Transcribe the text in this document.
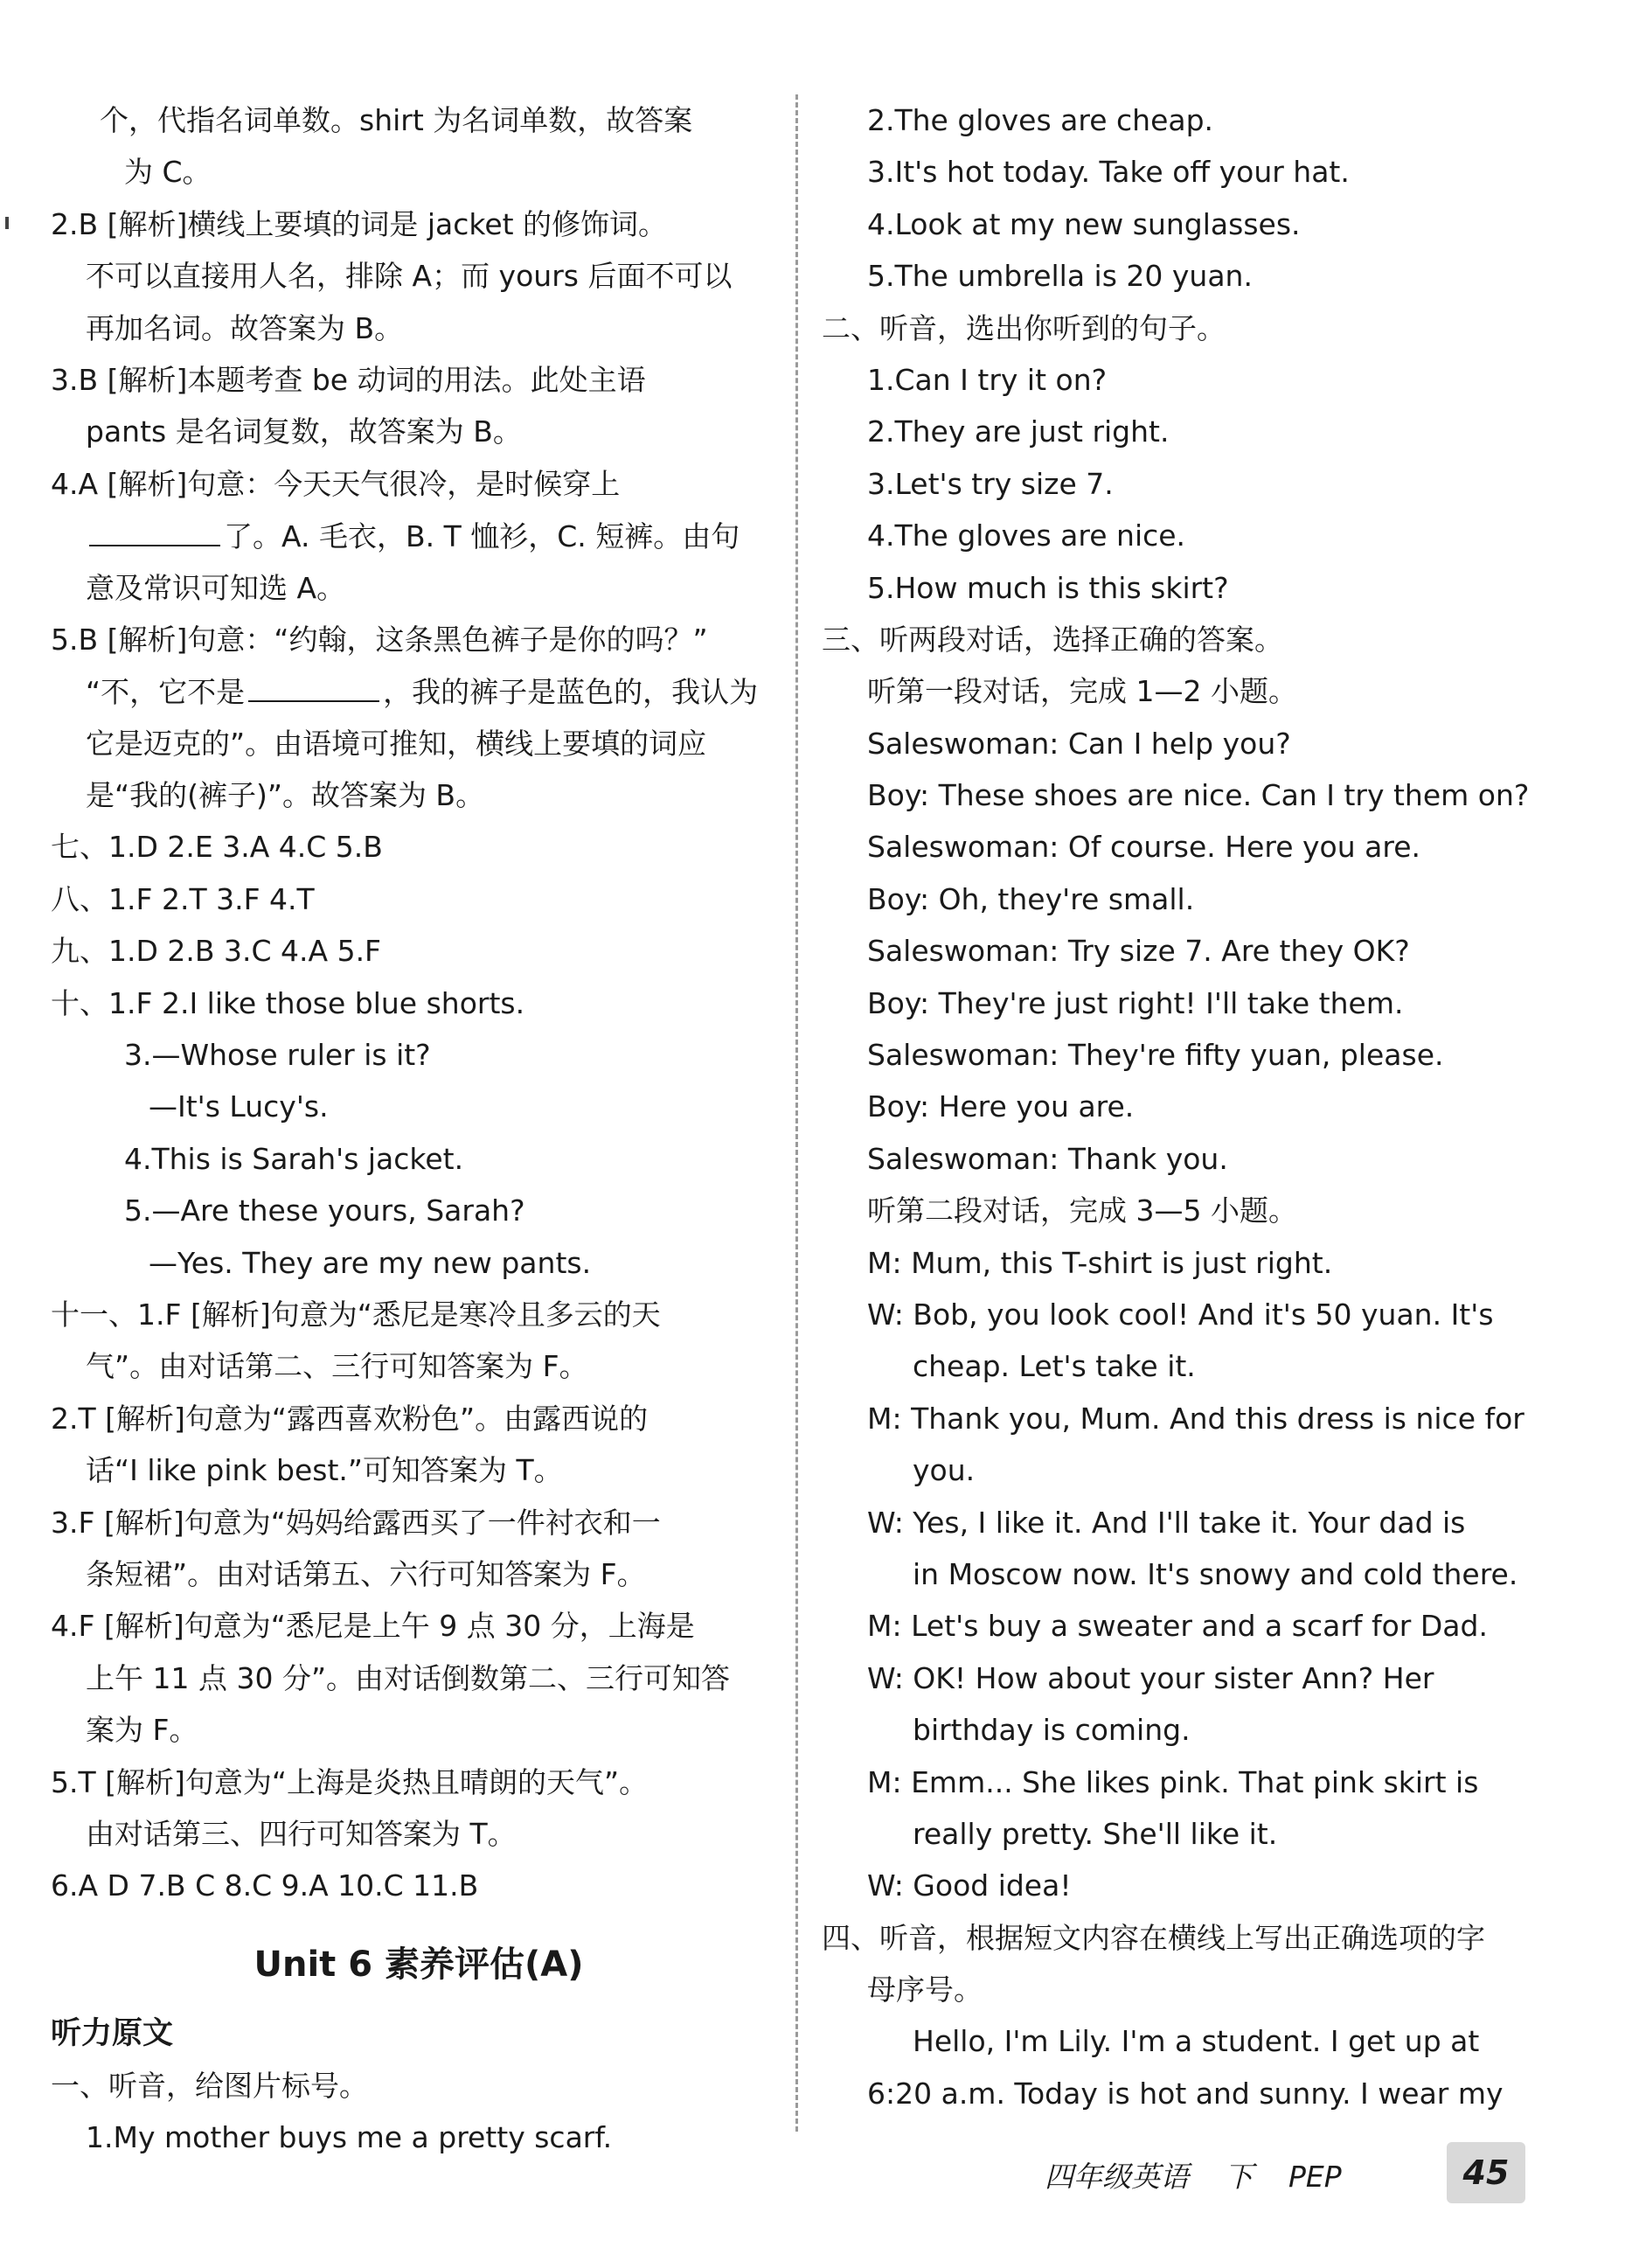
个，代指名词单数。shirt 为名词单数，故答案
为 C。
2.B [解析]横线上要填的词是 jacket 的修饰词。
不可以直接用人名，排除 A；而 yours 后面不可以
再加名词。故答案为 B。
3.B [解析]本题考查 be 动词的用法。此处主语
pants 是名词复数，故答案为 B。
4.A [解析]句意：今天天气很冷，是时候穿上
了。A. 毛衣，B. T 恤衫，C. 短裤。由句
意及常识可知选 A。
5.B [解析]句意：“约翰，这条黑色裤子是你的吗？”
“不，它不是	，我的裤子是蓝色的，我认为
它是迈克的”。由语境可推知，横线上要填的词应
是“我的(裤子)”。故答案为 B。
七、1.D 2.E 3.A 4.C 5.B
八、1.F 2.T 3.F 4.T
九、1.D 2.B 3.C 4.A 5.F
十、1.F 2.I like those blue shorts.
3.—Whose ruler is it?
—It's Lucy's.
4.This is Sarah's jacket.
5.—Are these yours, Sarah?
—Yes. They are my new pants.
十一、1.F [解析]句意为“悉尼是寒冷且多云的天
气”。由对话第二、三行可知答案为 F。
2.T [解析]句意为“露西喜欢粉色”。由露西说的
话“I like pink best.”可知答案为 T。
3.F [解析]句意为“妈妈给露西买了一件衬衣和一
条短裙”。由对话第五、六行可知答案为 F。
4.F [解析]句意为“悉尼是上午 9 点 30 分，上海是
上午 11 点 30 分”。由对话倒数第二、三行可知答
案为 F。
5.T [解析]句意为“上海是炎热且晴朗的天气”。
由对话第三、四行可知答案为 T。
6.A D 7.B C 8.C 9.A 10.C 11.B
Unit 6 素养评估(A)
听力原文
一、听音，给图片标号。
1.My mother buys me a pretty scarf.
2.The gloves are cheap.
3.It's hot today. Take off your hat.
4.Look at my new sunglasses.
5.The umbrella is 20 yuan.
二、听音，选出你听到的句子。
1.Can I try it on?
2.They are just right.
3.Let's try size 7.
4.The gloves are nice.
5.How much is this skirt?
三、听两段对话，选择正确的答案。
听第一段对话，完成 1—2 小题。
Saleswoman: Can I help you?
Boy: These shoes are nice. Can I try them on?
Saleswoman: Of course. Here you are.
Boy: Oh, they're small.
Saleswoman: Try size 7. Are they OK?
Boy: They're just right! I'll take them.
Saleswoman: They're fifty yuan, please.
Boy: Here you are.
Saleswoman: Thank you.
听第二段对话，完成 3—5 小题。
M: Mum, this T-shirt is just right.
W: Bob, you look cool! And it's 50 yuan. It's
cheap. Let's take it.
M: Thank you, Mum. And this dress is nice for
you.
W: Yes, I like it. And I'll take it. Your dad is
in Moscow now. It's snowy and cold there.
M: Let's buy a sweater and a scarf for Dad.
W: OK! How about your sister Ann? Her
birthday is coming.
M: Emm... She likes pink. That pink skirt is
really pretty. She'll like it.
W: Good idea!
四、听音，根据短文内容在横线上写出正确选项的字
母序号。
Hello, I'm Lily. I'm a student. I get up at
6:20 a.m. Today is hot and sunny. I wear my
四年级英语 下 PEP	45
